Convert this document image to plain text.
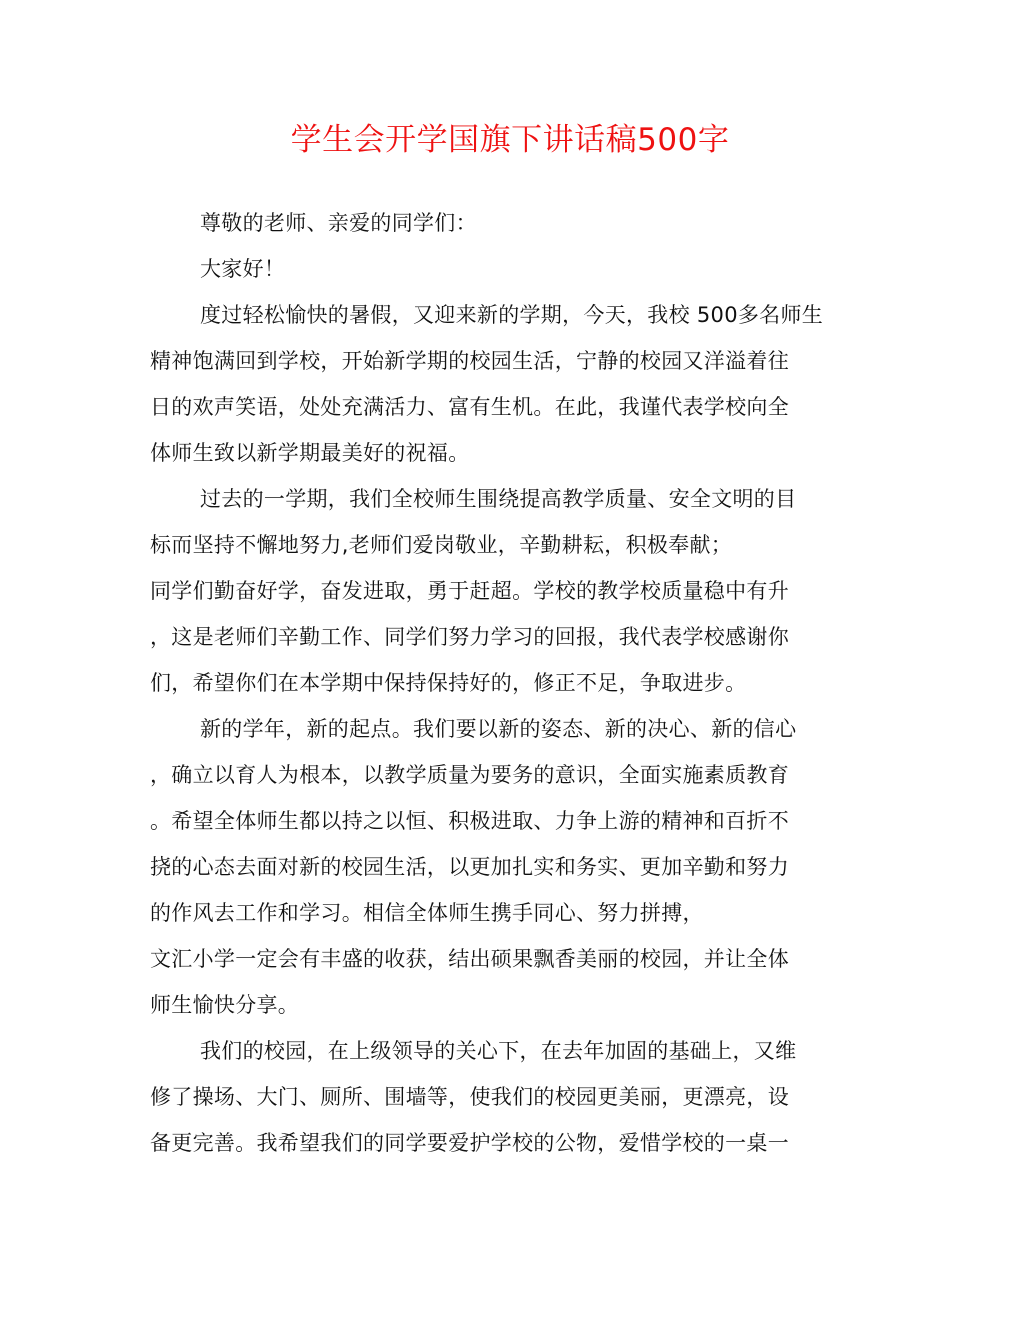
学生会开学国旗下讲话稿500字
尊敬的老师、亲爱的同学们：
大家好！
度过轻松愉快的暑假，又迎来新的学期，今天，我校 500多名师生
精神饱满回到学校，开始新学期的校园生活，宁静的校园又洋溢着往
日的欢声笑语，处处充满活力、富有生机。在此，我谨代表学校向全
体师生致以新学期最美好的祝福。
过去的一学期，我们全校师生围绕提高教学质量、安全文明的目
标而坚持不懈地努力,老师们爱岗敬业，辛勤耕耘，积极奉献；
同学们勤奋好学，奋发进取，勇于赶超。学校的教学校质量稳中有升
，这是老师们辛勤工作、同学们努力学习的回报，我代表学校感谢你
们，希望你们在本学期中保持保持好的，修正不足，争取进步。
新的学年，新的起点。我们要以新的姿态、新的决心、新的信心
，确立以育人为根本，以教学质量为要务的意识，全面实施素质教育
。希望全体师生都以持之以恒、积极进取、力争上游的精神和百折不
挠的心态去面对新的校园生活，以更加扎实和务实、更加辛勤和努力
的作风去工作和学习。相信全体师生携手同心、努力拼搏，
文汇小学一定会有丰盛的收获，结出硕果飘香美丽的校园，并让全体
师生愉快分享。
我们的校园，在上级领导的关心下，在去年加固的基础上，又维
修了操场、大门、厕所、围墙等，使我们的校园更美丽，更漂亮，设
备更完善。我希望我们的同学要爱护学校的公物，爱惜学校的一桌一
